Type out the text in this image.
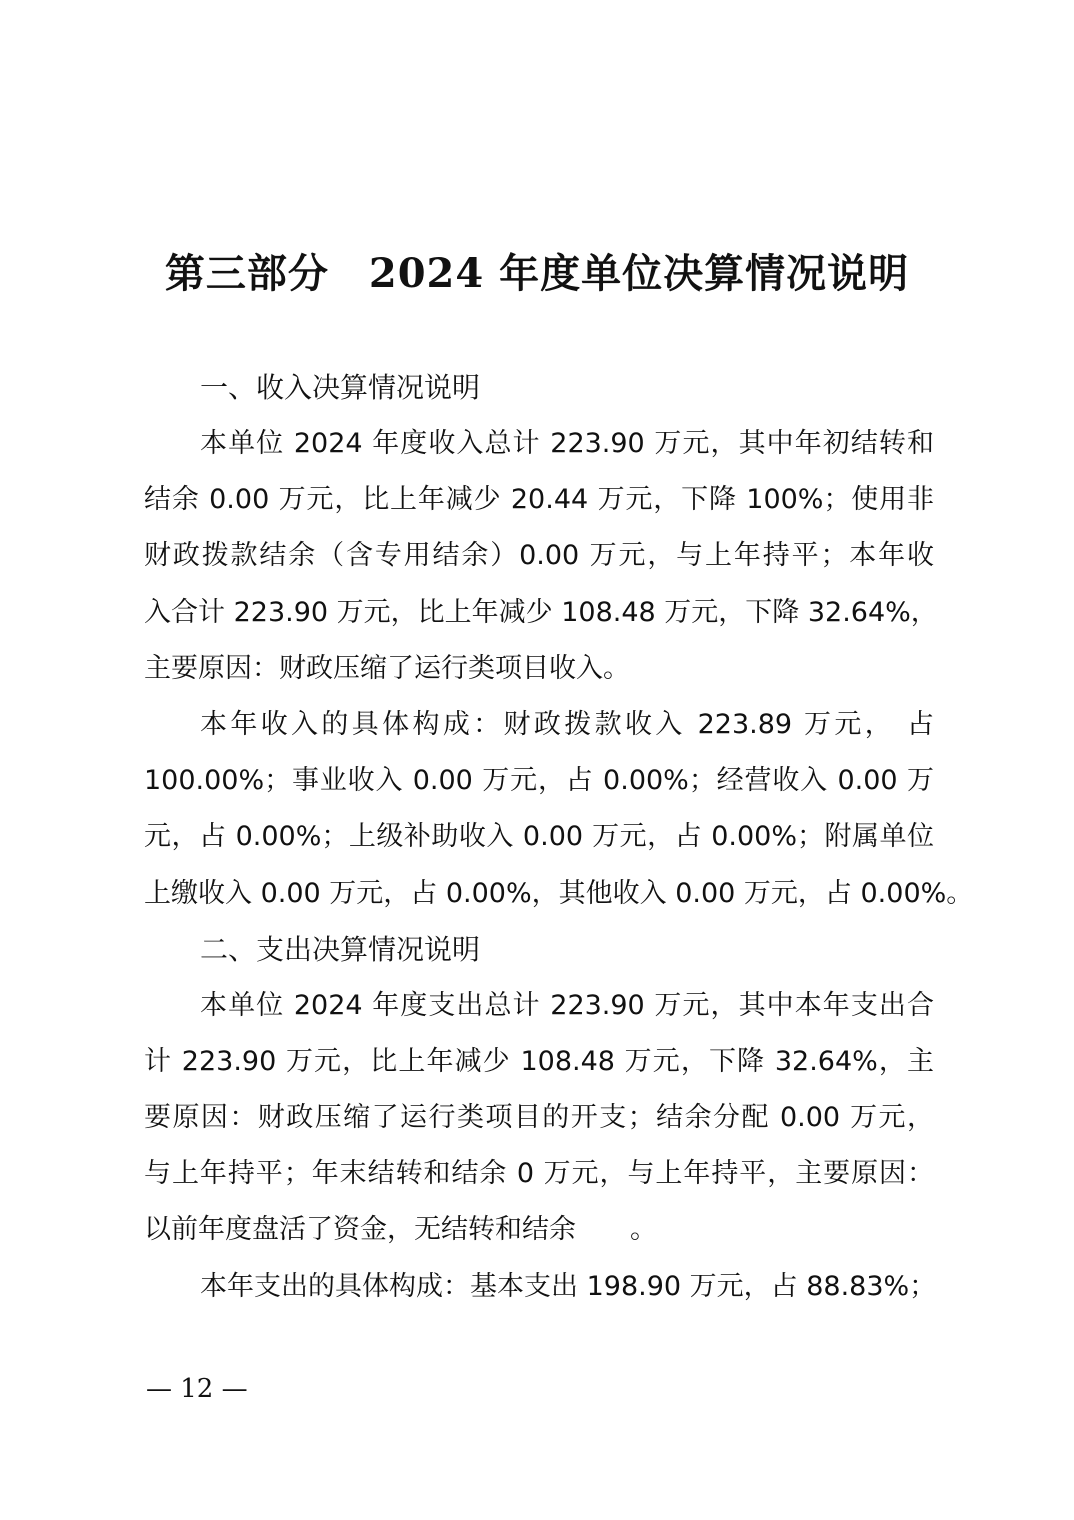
第三部分 2024 年度单位决算情况说明

一、收入决算情况说明

本单位 2024 年度收入总计 223.90 万元，其中年初结转和
结余 0.00 万元，比上年减少 20.44 万元，下降 100%；使用非
财政拨款结余（含专用结余）0.00 万元，与上年持平；本年收
入合计 223.90 万元，比上年减少 108.48 万元，下降 32.64%，
主要原因：财政压缩了运行类项目收入。
本年收入的具体构成：财政拨款收入 223.89 万元， 占
100.00%；事业收入 0.00 万元，占 0.00%；经营收入 0.00 万
元，占 0.00%；上级补助收入 0.00 万元，占 0.00%；附属单位
上缴收入 0.00 万元，占 0.00%，其他收入 0.00 万元，占 0.00%。

二、支出决算情况说明

本单位 2024 年度支出总计 223.90 万元，其中本年支出合
计 223.90 万元，比上年减少 108.48 万元，下降 32.64%，主
要原因：财政压缩了运行类项目的开支；结余分配 0.00 万元，
与上年持平；年末结转和结余 0 万元，与上年持平，主要原因：
以前年度盘活了资金，无结转和结余　　。
本年支出的具体构成：基本支出 198.90 万元，占 88.83%；
— 12 —
